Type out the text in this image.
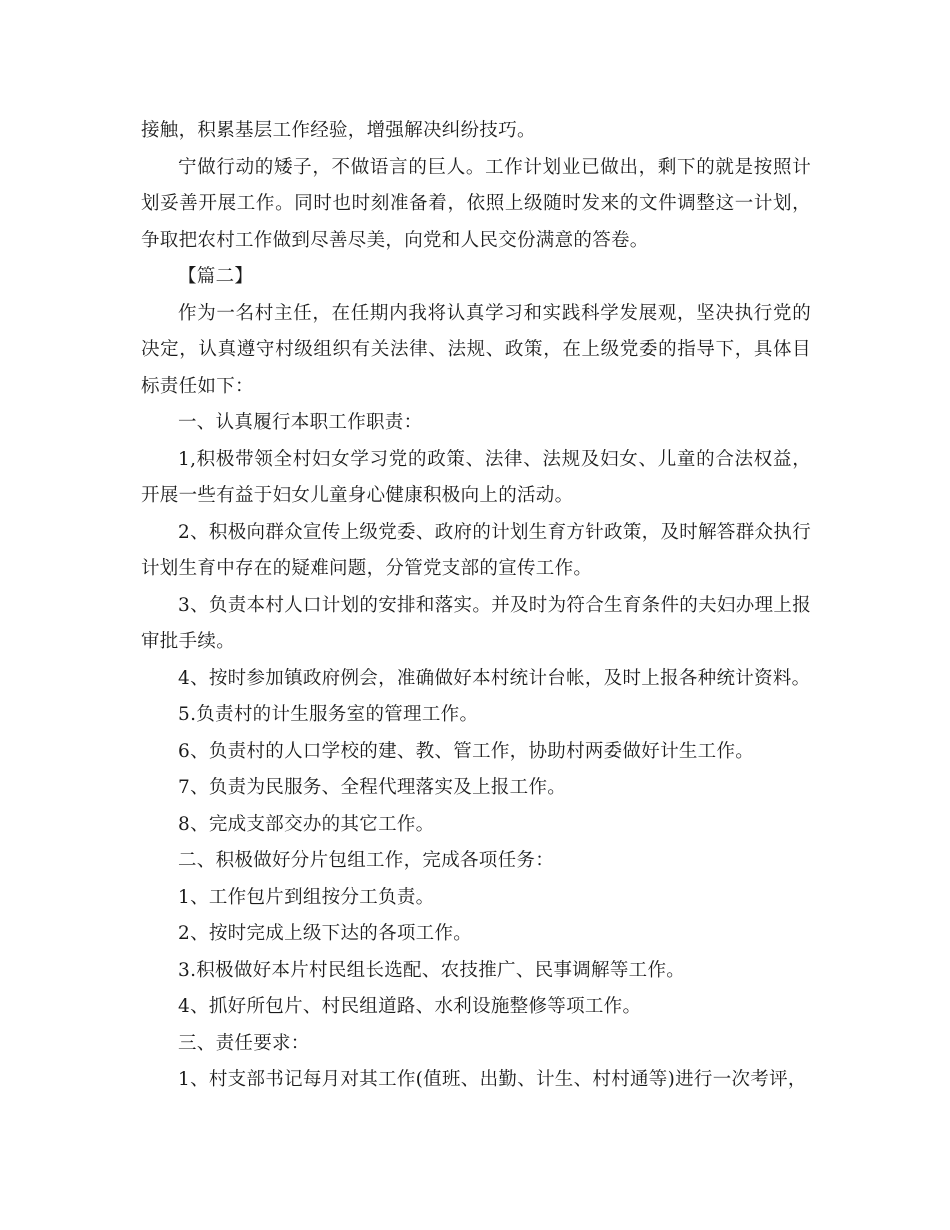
接触，积累基层工作经验，增强解决纠纷技巧。

宁做行动的矮子，不做语言的巨人。工作计划业已做出，剩下的就是按照计划妥善开展工作。同时也时刻准备着，依照上级随时发来的文件调整这一计划，争取把农村工作做到尽善尽美，向党和人民交份满意的答卷。

【篇二】

作为一名村主任，在任期内我将认真学习和实践科学发展观，坚决执行党的决定，认真遵守村级组织有关法律、法规、政策，在上级党委的指导下，具体目标责任如下：

一、认真履行本职工作职责：

1,积极带领全村妇女学习党的政策、法律、法规及妇女、儿童的合法权益，开展一些有益于妇女儿童身心健康积极向上的活动。

2、积极向群众宣传上级党委、政府的计划生育方针政策，及时解答群众执行计划生育中存在的疑难问题，分管党支部的宣传工作。

3、负责本村人口计划的安排和落实。并及时为符合生育条件的夫妇办理上报审批手续。

4、按时参加镇政府例会，准确做好本村统计台帐，及时上报各种统计资料。

5.负责村的计生服务室的管理工作。

6、负责村的人口学校的建、教、管工作，协助村两委做好计生工作。

7、负责为民服务、全程代理落实及上报工作。

8、完成支部交办的其它工作。

二、积极做好分片包组工作，完成各项任务：

1、工作包片到组按分工负责。

2、按时完成上级下达的各项工作。

3.积极做好本片村民组长选配、农技推广、民事调解等工作。

4、抓好所包片、村民组道路、水利设施整修等项工作。

三、责任要求：

1、村支部书记每月对其工作(值班、出勤、计生、村村通等)进行一次考评，
